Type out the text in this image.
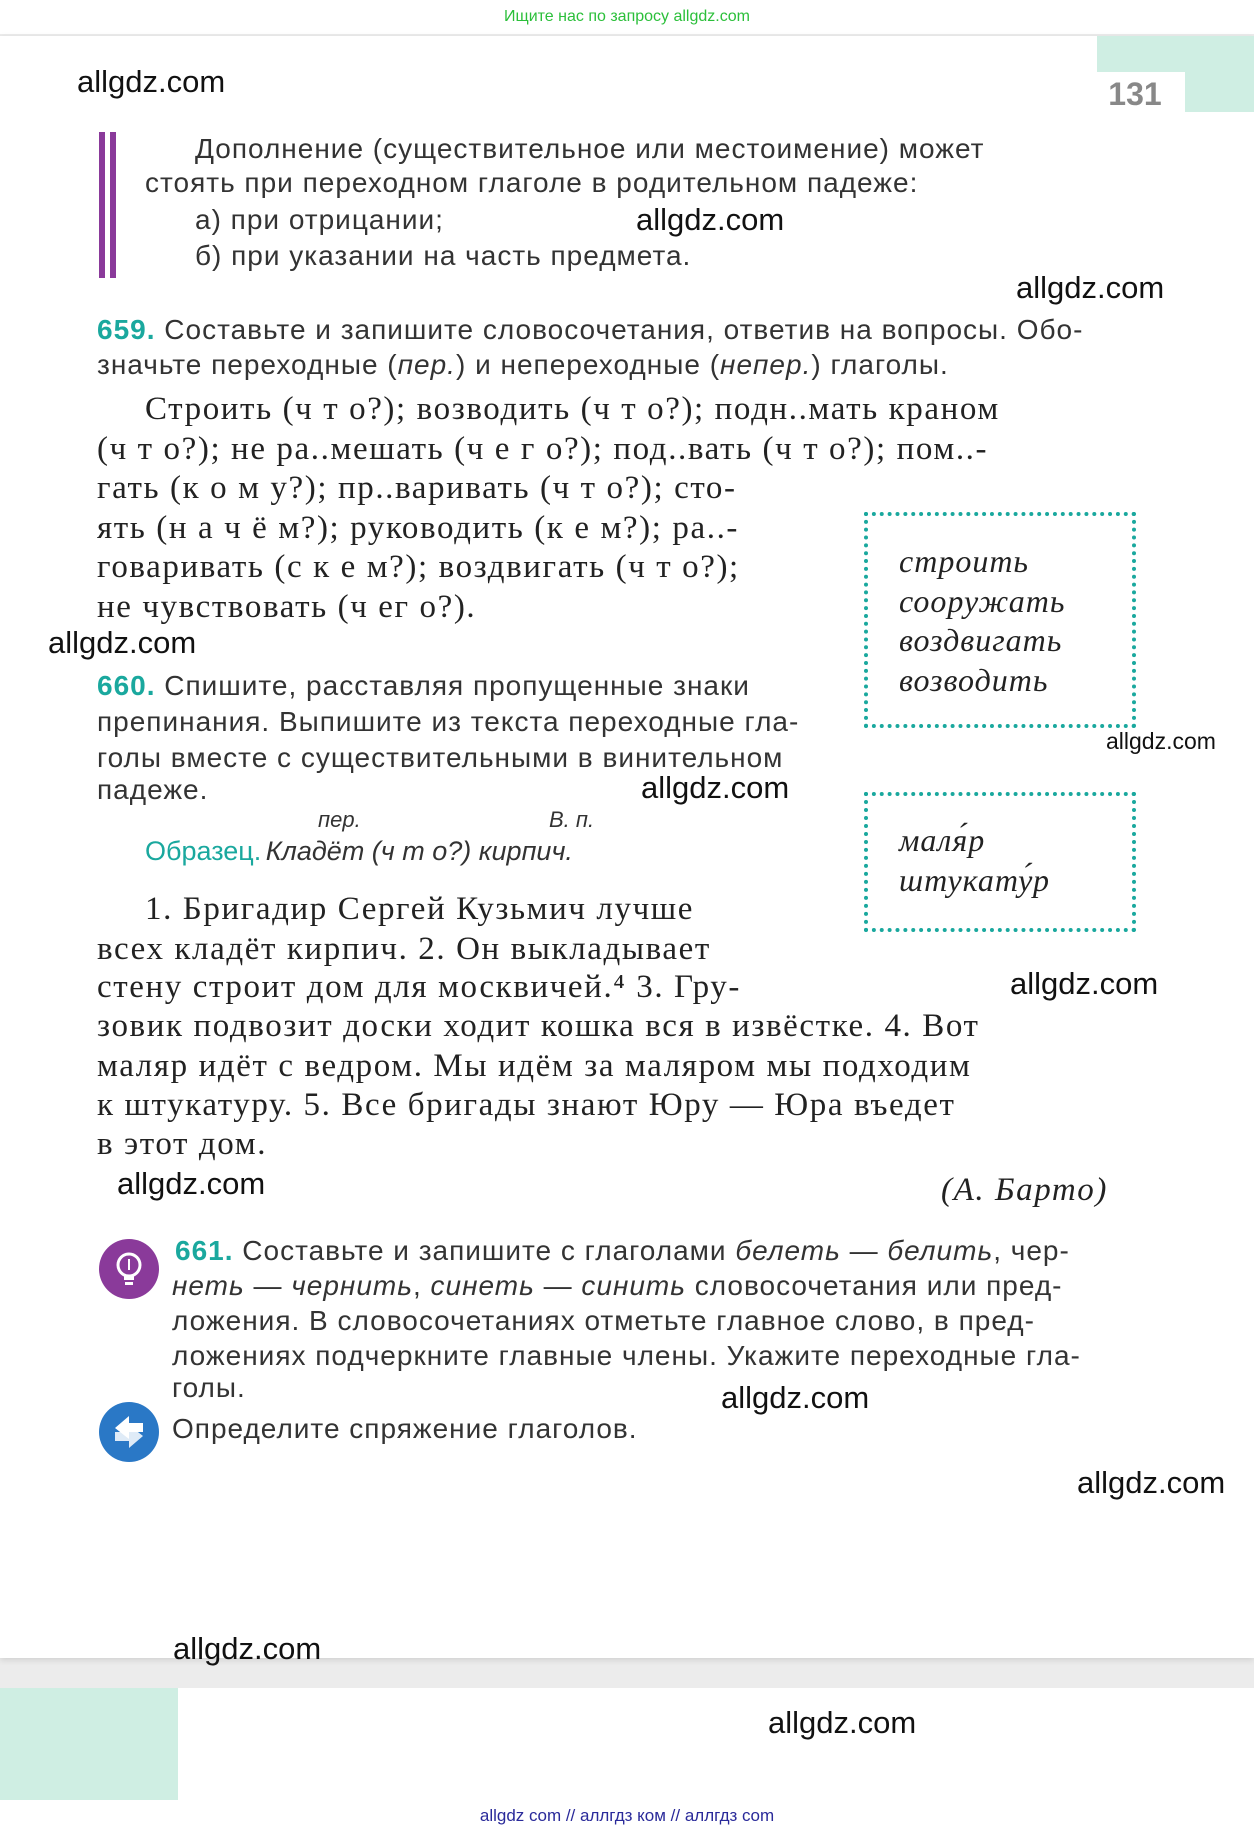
Ищите нас по запросу allgdz.com
131
allgdz.com
allgdz.com
allgdz.com
allgdz.com
allgdz.com
allgdz.com
allgdz.com
allgdz.com
allgdz.com
allgdz.com
allgdz.com
Дополнение (существительное или местоимение) может
стоять при переходном глаголе в родительном падеже:
а) при отрицании;
б) при указании на часть предмета.
659. Составьте и запишите словосочетания, ответив на вопросы. Обо-
значьте переходные (пер.) и непереходные (непер.) глаголы.
Строить (ч т о?); возводить (ч т о?); подн..мать краном
(ч т о?); не ра..мешать (ч е г о?); под..вать (ч т о?); пом..-
гать (к о м у?); пр..варивать (ч т о?); сто-
ять (н а ч ё м?); руководить (к е м?); ра..-
говаривать (с к е м?); воздвигать (ч т о?);
не чувствовать (ч ег о?).
строить
сооружать
воздвигать
возводить
660. Спишите, расставляя пропущенные знаки
препинания. Выпишите из текста переходные гла-
голы вместе с существительными в винительном
падеже.
пер.	В. п.
Образец. Кладёт (ч т о?) кирпич.	маля́р
штукату́р
1. Бригадир Сергей Кузьмич лучше
всех кладёт кирпич. 2. Он выкладывает
стену строит дом для москвичей.⁴ 3. Гру-
зовик подвозит доски ходит кошка вся в извёстке. 4. Вот
маляр идёт с ведром. Мы идём за маляром мы подходим
к штукатуру. 5. Все бригады знают Юру — Юра въедет
в этот дом.
(А. Барто)
661. Составьте и запишите с глаголами белеть — белить, чер-
неть — чернить, синеть — синить словосочетания или пред-
ложения. В словосочетаниях отметьте главное слово, в пред-
ложениях подчеркните главные члены. Укажите переходные гла-
голы.
Определите спряжение глаголов.
allgdz.com
allgdz com // аллгдз ком // аллгдз com
